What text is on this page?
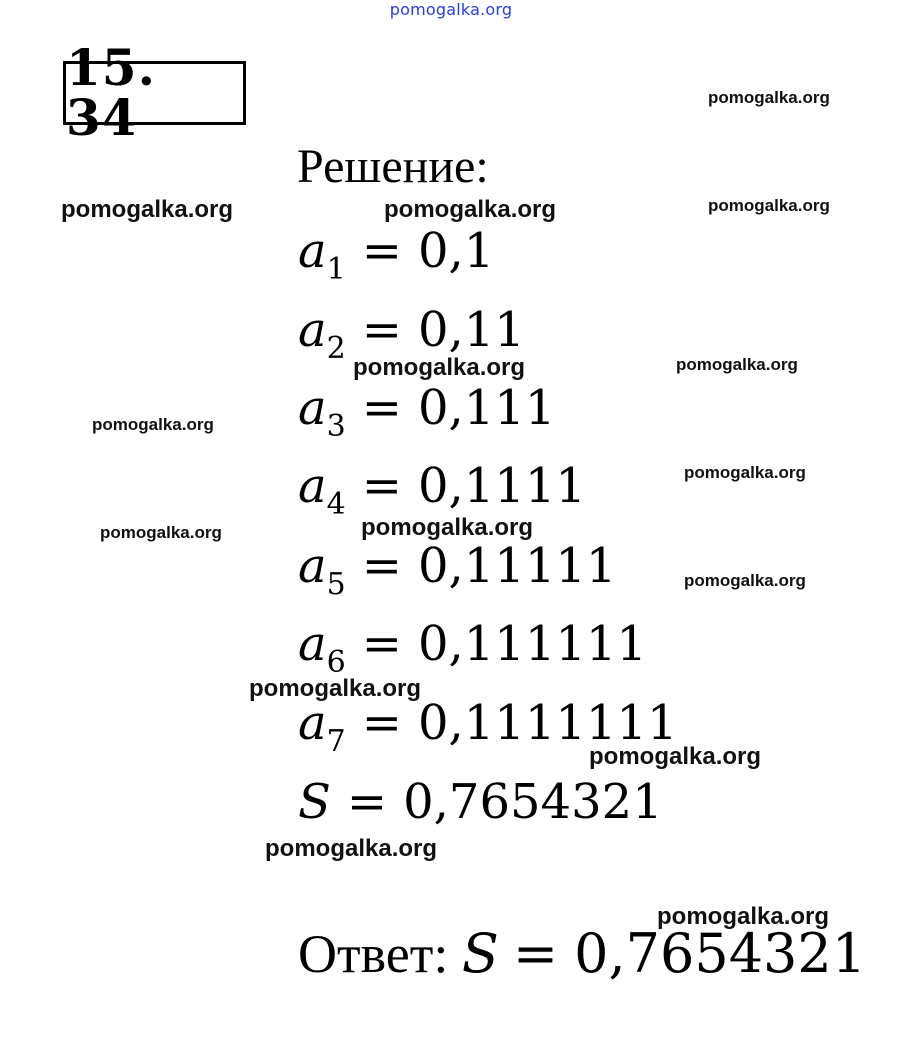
pomogalka.org
15. 34
Решение:
$a_1 = 0,1$
$a_2 = 0,11$
$a_3 = 0,111$
$a_4 = 0,1111$
$a_5 = 0,11111$
$a_6 = 0,111111$
$a_7 = 0,1111111$
S = 0,7654321
Ответ: S = 0,7654321
pomogalka.org
pomogalka.org	pomogalka.org	pomogalka.org
pomogalka.org	pomogalka.org
pomogalka.org
pomogalka.org
pomogalka.org	pomogalka.org
pomogalka.org
pomogalka.org
pomogalka.org
pomogalka.org
pomogalka.org
